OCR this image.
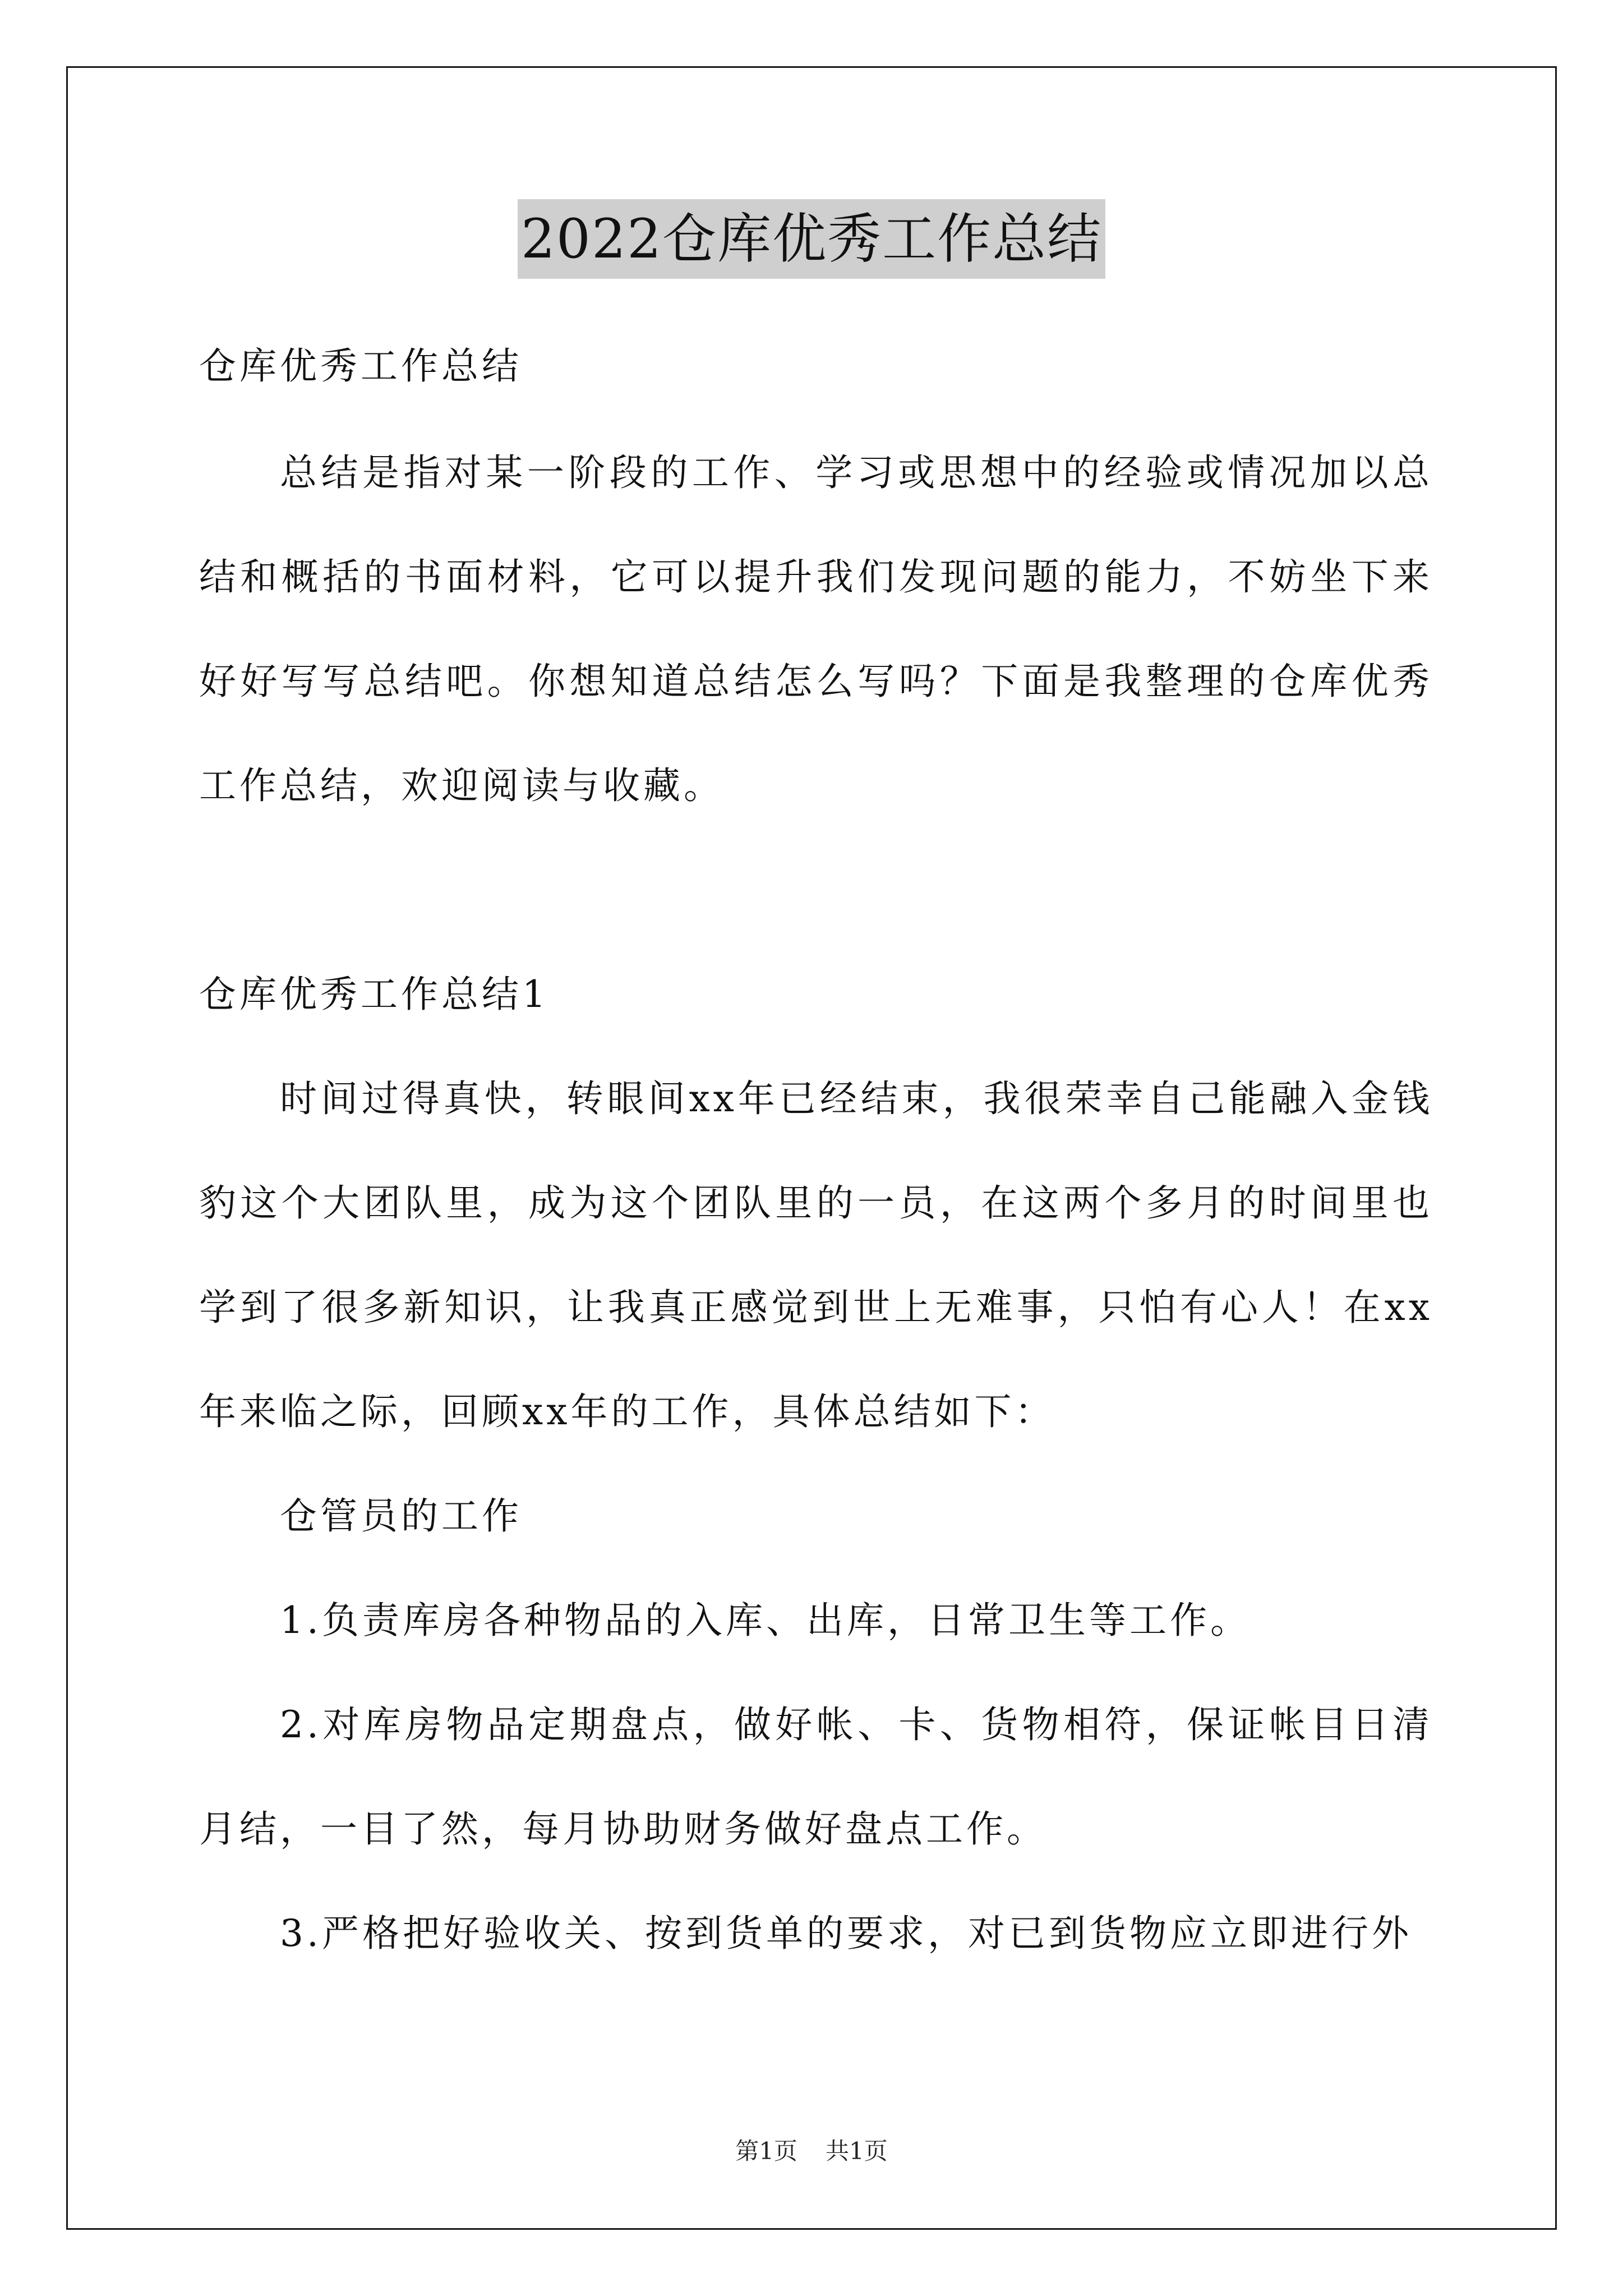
2022仓库优秀工作总结

仓库优秀工作总结

总结是指对某一阶段的工作、学习或思想中的经验或情况加以总结和概括的书面材料，它可以提升我们发现问题的能力，不妨坐下来好好写写总结吧。你想知道总结怎么写吗？下面是我整理的仓库优秀工作总结，欢迎阅读与收藏。

仓库优秀工作总结1

时间过得真快，转眼间xx年已经结束，我很荣幸自己能融入金钱豹这个大团队里，成为这个团队里的一员，在这两个多月的时间里也学到了很多新知识，让我真正感觉到世上无难事，只怕有心人！在xx年来临之际，回顾xx年的工作，具体总结如下：

仓管员的工作

1.负责库房各种物品的入库、出库，日常卫生等工作。

2.对库房物品定期盘点，做好帐、卡、货物相符，保证帐目日清月结，一目了然，每月协助财务做好盘点工作。

3.严格把好验收关、按到货单的要求，对已到货物应立即进行外

第1页 共1页
